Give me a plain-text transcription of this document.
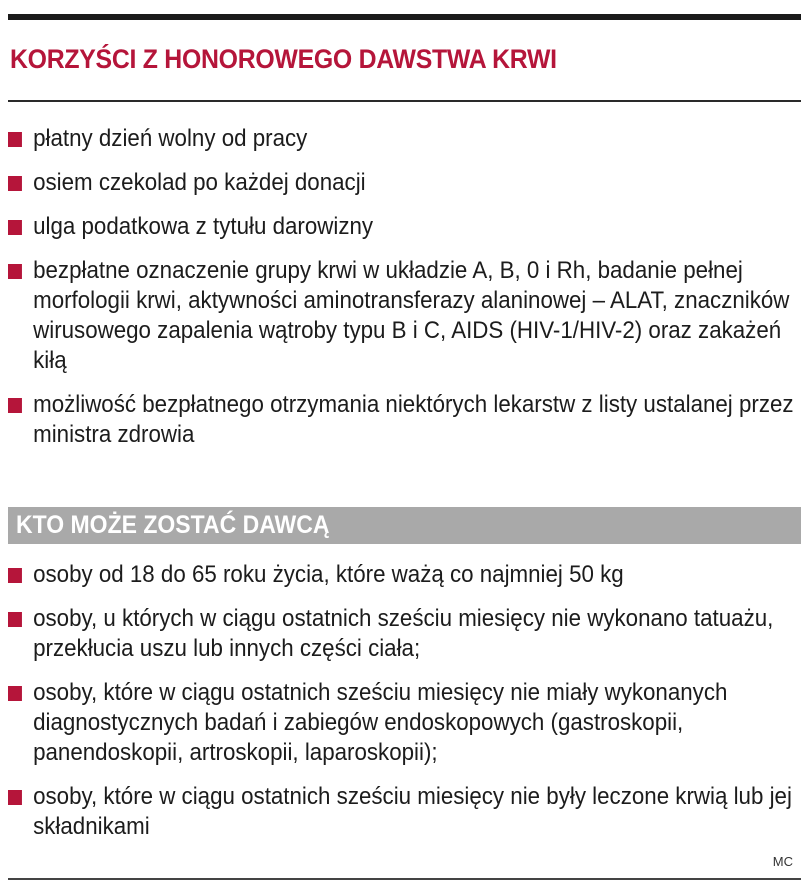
KORZYŚCI Z HONOROWEGO DAWSTWA KRWI
płatny dzień wolny od pracy
osiem czekolad po każdej donacji
ulga podatkowa z tytułu darowizny
bezpłatne oznaczenie grupy krwi w układzie A, B, 0 i Rh, badanie pełnej morfologii krwi, aktywności aminotransferazy alaninowej – ALAT, znaczników wirusowego zapalenia wątroby typu B i C, AIDS (HIV-1/HIV-2) oraz zakażeń kiłą
możliwość bezpłatnego otrzymania niektórych lekarstw z listy ustalanej przez ministra zdrowia
KTO MOŻE ZOSTAĆ DAWCĄ
osoby od 18 do 65 roku życia, które ważą co najmniej 50 kg
osoby, u których w ciągu ostatnich sześciu miesięcy nie wykonano tatuażu, przekłucia uszu lub innych części ciała;
osoby, które w ciągu ostatnich sześciu miesięcy nie miały wykonanych diagnostycznych badań i zabiegów endoskopowych (gastroskopii, panendoskopii, artroskopii, laparoskopii);
osoby, które w ciągu ostatnich sześciu miesięcy nie były leczone krwią lub jej składnikami
MC
